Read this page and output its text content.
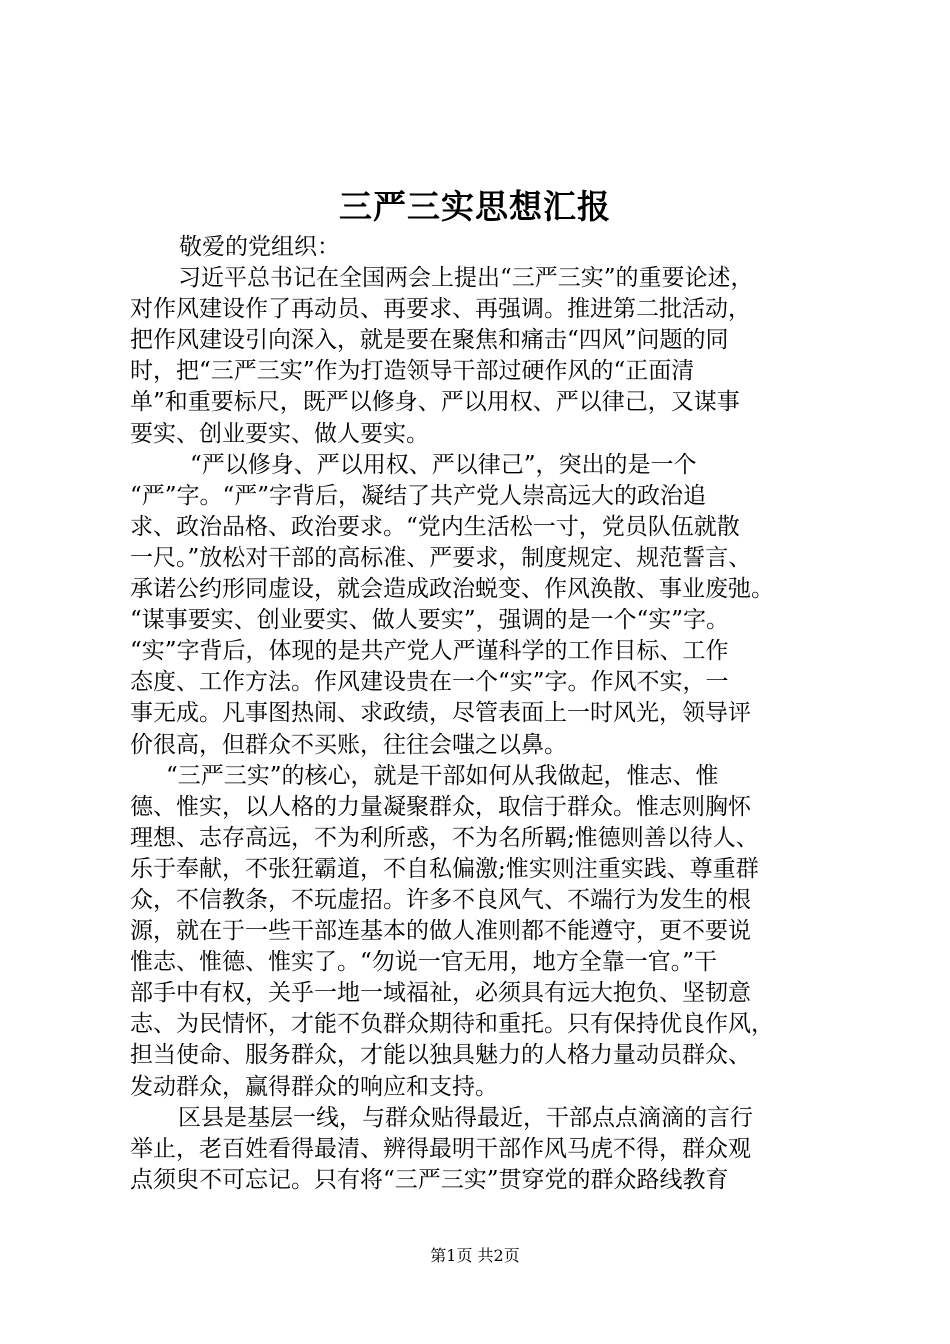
三严三实思想汇报

敬爱的党组织：

习近平总书记在全国两会上提出“三严三实”的重要论述，

对作风建设作了再动员、再要求、再强调。推进第二批活动，

把作风建设引向深入，就是要在聚焦和痛击“四风”问题的同

时，把“三严三实”作为打造领导干部过硬作风的“正面清

单”和重要标尺，既严以修身、严以用权、严以律己，又谋事

要实、创业要实、做人要实。

“严以修身、严以用权、严以律己”，突出的是一个

“严”字。“严”字背后，凝结了共产党人崇高远大的政治追

求、政治品格、政治要求。“党内生活松一寸，党员队伍就散

一尺。”放松对干部的高标准、严要求，制度规定、规范誓言、

承诺公约形同虚设，就会造成政治蜕变、作风涣散、事业废弛。

“谋事要实、创业要实、做人要实”，强调的是一个“实”字。

“实”字背后，体现的是共产党人严谨科学的工作目标、工作

态度、工作方法。作风建设贵在一个“实”字。作风不实，一

事无成。凡事图热闹、求政绩，尽管表面上一时风光，领导评

价很高，但群众不买账，往往会嗤之以鼻。

“三严三实”的核心，就是干部如何从我做起，惟志、惟

德、惟实，以人格的力量凝聚群众，取信于群众。惟志则胸怀

理想、志存高远，不为利所惑，不为名所羁;惟德则善以待人、

乐于奉献，不张狂霸道，不自私偏激;惟实则注重实践、尊重群

众，不信教条，不玩虚招。许多不良风气、不端行为发生的根

源，就在于一些干部连基本的做人准则都不能遵守，更不要说

惟志、惟德、惟实了。“勿说一官无用，地方全靠一官。”干

部手中有权，关乎一地一域福祉，必须具有远大抱负、坚韧意

志、为民情怀，才能不负群众期待和重托。只有保持优良作风，

担当使命、服务群众，才能以独具魅力的人格力量动员群众、

发动群众，赢得群众的响应和支持。

区县是基层一线，与群众贴得最近，干部点点滴滴的言行

举止，老百姓看得最清、辨得最明干部作风马虎不得，群众观

点须臾不可忘记。只有将“三严三实”贯穿党的群众路线教育

第1页 共2页
